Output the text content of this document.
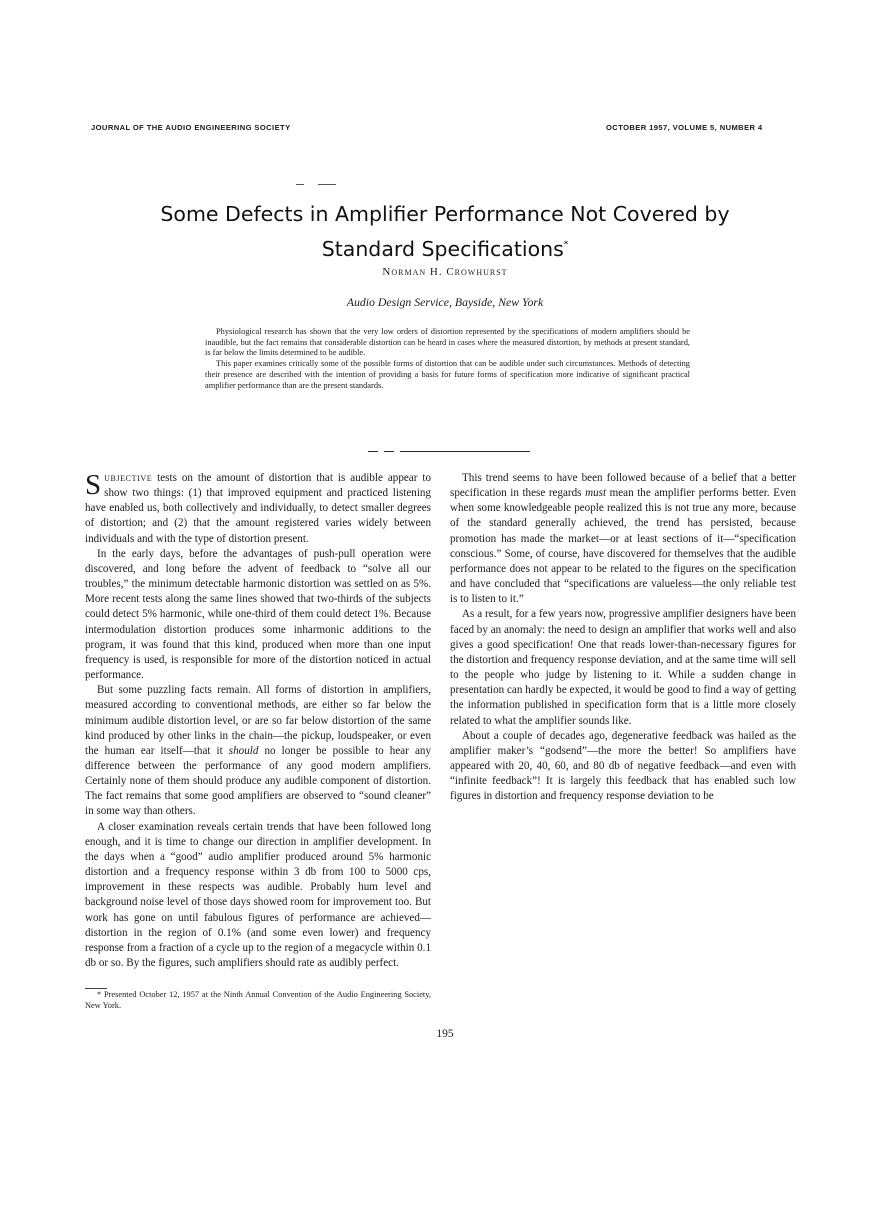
JOURNAL OF THE AUDIO ENGINEERING SOCIETY	OCTOBER 1957, VOLUME 5, NUMBER 4
Some Defects in Amplifier Performance Not Covered by
Standard Specifications*
Norman H. Crowhurst
Audio Design Service, Bayside, New York

Physiological research has shown that the very low orders of distortion represented by the specifications of modern amplifiers should be inaudible, but the fact remains that considerable distortion can be heard in cases where the measured distortion, by methods at present standard, is far below the limits determined to be audible.

This paper examines critically some of the possible forms of distortion that can be audible under such circumstances. Methods of detecting their presence are described with the intention of providing a basis for future forms of specification more indicative of significant practical amplifier performance than are the present standards.

Subjective tests on the amount of distortion that is audible appear to show two things: (1) that improved equipment and practiced listening have enabled us, both collectively and individually, to detect smaller degrees of distortion; and (2) that the amount registered varies widely between individuals and with the type of distortion present.

In the early days, before the advantages of push-pull operation were discovered, and long before the advent of feedback to “solve all our troubles,” the minimum detectable harmonic distortion was settled on as 5%. More recent tests along the same lines showed that two-thirds of the subjects could detect 5% harmonic, while one-third of them could detect 1%. Because intermodulation distortion produces some inharmonic additions to the program, it was found that this kind, produced when more than one input frequency is used, is responsible for more of the distortion noticed in actual performance.

But some puzzling facts remain. All forms of distortion in amplifiers, measured according to conventional methods, are either so far below the minimum audible distortion level, or are so far below distortion of the same kind produced by other links in the chain—the pickup, loudspeaker, or even the human ear itself—that it should no longer be possible to hear any difference between the performance of any good modern amplifiers. Certainly none of them should produce any audible component of distortion. The fact remains that some good amplifiers are observed to “sound cleaner” in some way than others.

A closer examination reveals certain trends that have been followed long enough, and it is time to change our direction in amplifier development. In the days when a “good” audio amplifier produced around 5% harmonic distortion and a frequency response within 3 db from 100 to 5000 cps, improvement in these respects was audible. Probably hum level and background noise level of those days showed room for improvement too. But work has gone on until fabulous figures of performance are achieved—distortion in the region of 0.1% (and some even lower) and frequency response from a fraction of a cycle up to the region of a megacycle within 0.1 db or so. By the figures, such amplifiers should rate as audibly perfect.

This trend seems to have been followed because of a belief that a better specification in these regards must mean the amplifier performs better. Even when some knowledgeable people realized this is not true any more, because of the standard generally achieved, the trend has persisted, because promotion has made the market—or at least sections of it—“specification conscious.” Some, of course, have discovered for themselves that the audible performance does not appear to be related to the figures on the specification and have concluded that “specifications are valueless—the only reliable test is to listen to it.”

As a result, for a few years now, progressive amplifier designers have been faced by an anomaly: the need to design an amplifier that works well and also gives a good specification! One that reads lower-than-necessary figures for the distortion and frequency response deviation, and at the same time will sell to the people who judge by listening to it. While a sudden change in presentation can hardly be expected, it would be good to find a way of getting the information published in specification form that is a little more closely related to what the amplifier sounds like.

About a couple of decades ago, degenerative feedback was hailed as the amplifier maker’s “godsend”—the more the better! So amplifiers have appeared with 20, 40, 60, and 80 db of negative feedback—and even with “infinite feedback”! It is largely this feedback that has enabled such low figures in distortion and frequency response deviation to be

* Presented October 12, 1957 at the Ninth Annual Convention of the Audio Engineering Society, New York.
195
